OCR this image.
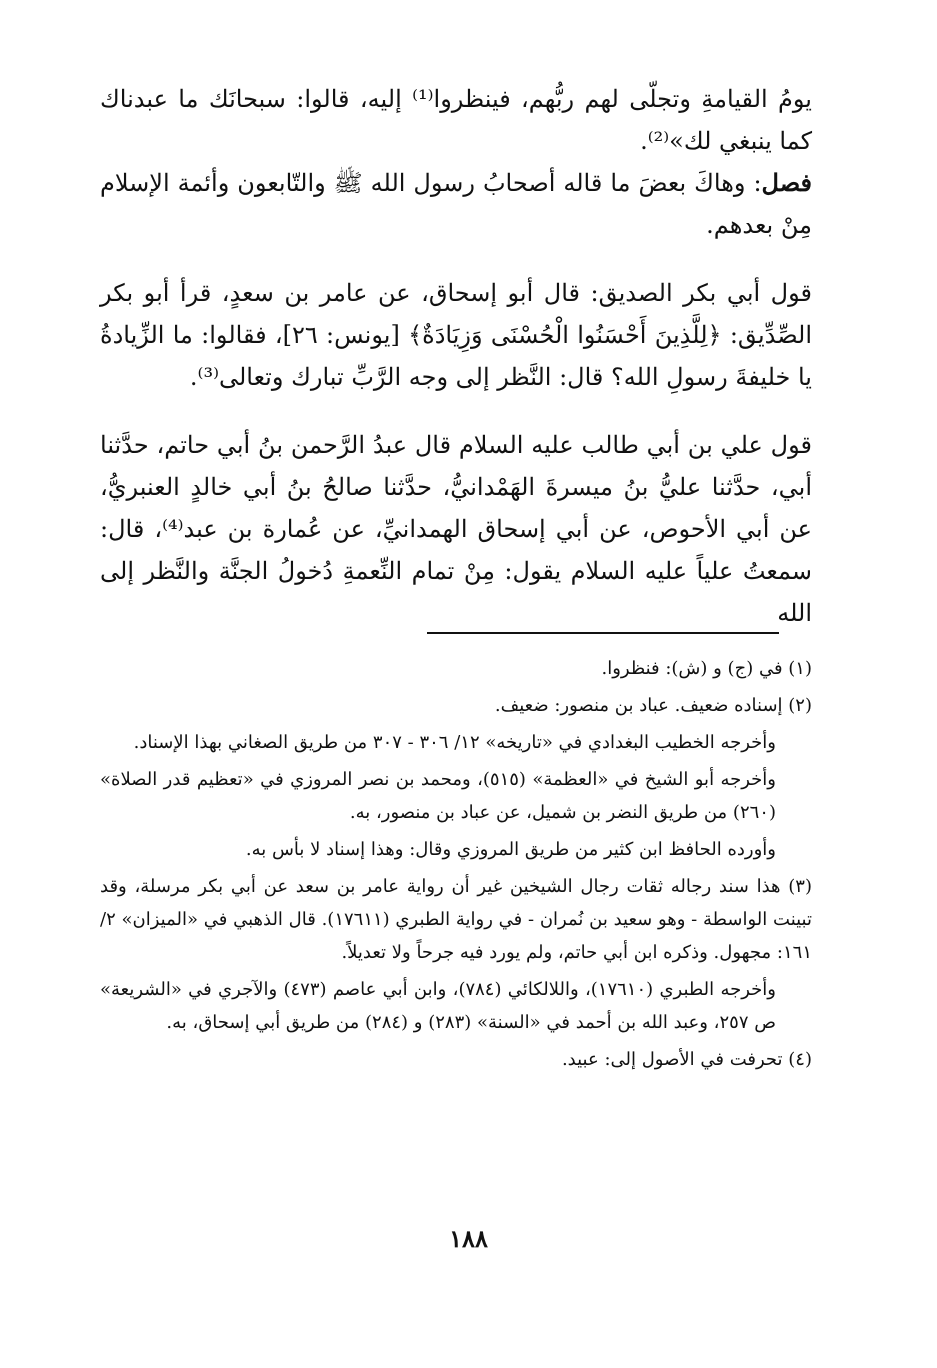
يومُ القيامةِ وتجلّى لهم ربُّهم، فينظروا⁽¹⁾ إليه، قالوا: سبحانَك ما عبدناك كما ينبغي لك»⁽²⁾.

فصل: وهاكَ بعضَ ما قاله أصحابُ رسول الله ﷺ والتّابعون وأئمة الإسلام مِنْ بعدهم.

قول أبي بكر الصديق: قال أبو إسحاق، عن عامر بن سعدٍ، قرأ أبو بكر الصِّدِّيق: ﴿لِلَّذِينَ أَحْسَنُوا الْحُسْنَى وَزِيَادَةٌ﴾ [يونس: ٢٦]، فقالوا: ما الزِّيادةُ يا خليفةَ رسولِ الله؟ قال: النَّظر إلى وجه الرَّبِّ تبارك وتعالى⁽³⁾.

قول علي بن أبي طالب عليه السلام قال عبدُ الرَّحمن بنُ أبي حاتم، حدَّثنا أبي، حدَّثنا عليُّ بنُ ميسرةَ الهَمْدانيُّ، حدَّثنا صالحُ بنُ أبي خالدٍ العنبريُّ، عن أبي الأحوص، عن أبي إسحاق الهمدانيِّ، عن عُمارة بن عبد⁽⁴⁾، قال: سمعتُ علياً عليه السلام يقول: مِنْ تمام النِّعمةِ دُخولُ الجنَّة والنَّظر إلى الله

(١) في (ج) و (ش): فنظروا.

(٢) إسناده ضعيف. عباد بن منصور: ضعيف.

وأخرجه الخطيب البغدادي في «تاريخه» ١٢/ ٣٠٦ - ٣٠٧ من طريق الصغاني بهذا الإسناد.

وأخرجه أبو الشيخ في «العظمة» (٥١٥)، ومحمد بن نصر المروزي في «تعظيم قدر الصلاة» (٢٦٠) من طريق النضر بن شميل، عن عباد بن منصور، به.

وأورده الحافظ ابن كثير من طريق المروزي وقال: وهذا إسناد لا بأس به.

(٣) هذا سند رجاله ثقات رجال الشيخين غير أن رواية عامر بن سعد عن أبي بكر مرسلة، وقد تبينت الواسطة - وهو سعيد بن نُمران - في رواية الطبري (١٧٦١١). قال الذهبي في «الميزان» ٢/ ١٦١: مجهول. وذكره ابن أبي حاتم، ولم يورد فيه جرحاً ولا تعديلاً.

وأخرجه الطبري (١٧٦١٠)، واللالكائي (٧٨٤)، وابن أبي عاصم (٤٧٣) والآجري في «الشريعة» ص ٢٥٧، وعبد الله بن أحمد في «السنة» (٢٨٣) و (٢٨٤) من طريق أبي إسحاق، به.

(٤) تحرفت في الأصول إلى: عبيد.

١٨٨
